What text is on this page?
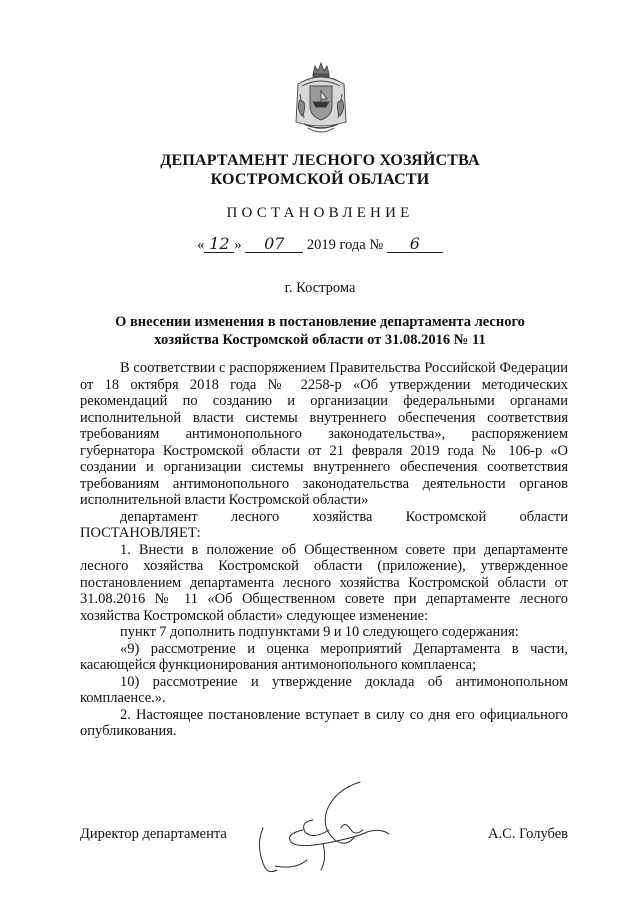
ДЕПАРТАМЕНТ ЛЕСНОГО ХОЗЯЙСТВА
КОСТРОМСКОЙ ОБЛАСТИ
ПОСТАНОВЛЕНИЕ
« 12 » 07 2019 года № 6
г. Кострома
О внесении изменения в постановление департамента лесного
хозяйства Костромской области от 31.08.2016 № 11

В соответствии с распоряжением Правительства Российской Федерации от 18 октября 2018 года № 2258-р «Об утверждении методических рекомендаций по созданию и организации федеральными органами исполнительной власти системы внутреннего обеспечения соответствия требованиям антимонопольного законодательства», распоряжением губернатора Костромской области от 21 февраля 2019 года № 106-р «О создании и организации системы внутреннего обеспечения соответствия требованиям антимонопольного законодательства деятельности органов исполнительной власти Костромской области»

департамент лесного хозяйства Костромской области

ПОСТАНОВЛЯЕТ:

1. Внести в положение об Общественном совете при департаменте лесного хозяйства Костромской области (приложение), утвержденное постановлением департамента лесного хозяйства Костромской области от 31.08.2016 № 11 «Об Общественном совете при департаменте лесного хозяйства Костромской области» следующее изменение:

пункт 7 дополнить подпунктами 9 и 10 следующего содержания:

«9) рассмотрение и оценка мероприятий Департамента в части, касающейся функционирования антимонопольного комплаенса;

10) рассмотрение и утверждение доклада об антимонопольном комплаенсе.».

2. Настоящее постановление вступает в силу со дня его официального опубликования.

Директор департамента	А.С. Голубев
